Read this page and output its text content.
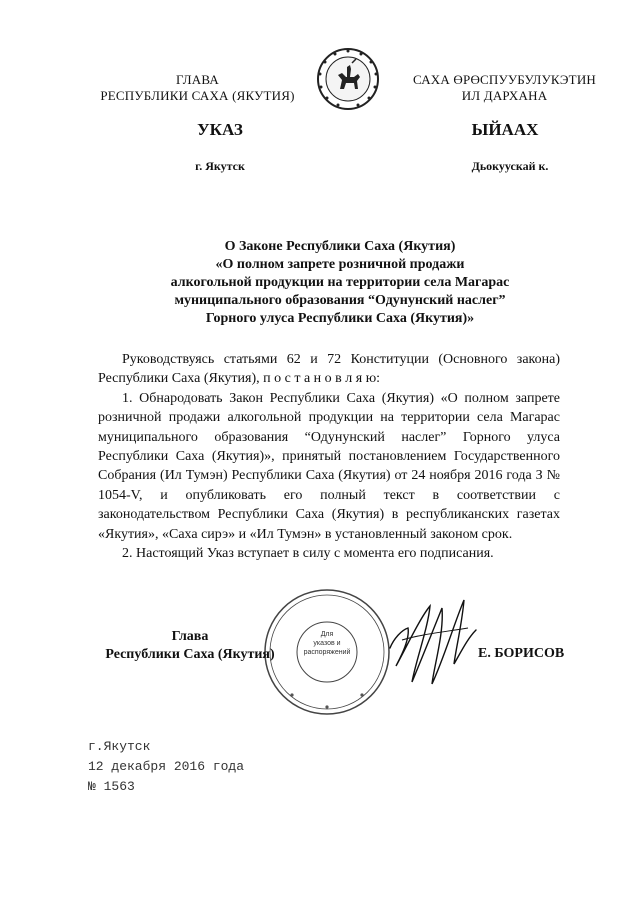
ГЛАВА
РЕСПУБЛИКИ САХА (ЯКУТИЯ)
САХА ӨРӨСПУУБУЛУКЭТИН
ИЛ ДАРХАНА
УКАЗ	ЫЙААХ
г. Якутск	Дьокуускай к.
О Законе Республики Саха (Якутия)
«О полном запрете розничной продажи
алкогольной продукции на территории села Магарас
муниципального образования “Одунунский наслег”
Горного улуса Республики Саха (Якутия)»

Руководствуясь статьями 62 и 72 Конституции (Основного закона) Республики Саха (Якутия), п о с т а н о в л я ю:

1. Обнародовать Закон Республики Саха (Якутия) «О полном запрете розничной продажи алкогольной продукции на территории села Магарас муниципального образования “Одунунский наслег” Горного улуса Республики Саха (Якутия)», принятый постановлением Государственного Собрания (Ил Тумэн) Республики Саха (Якутия) от 24 ноября 2016 года З № 1054-V, и опубликовать его полный текст в соответствии с законодательством Республики Саха (Якутия) в республиканских газетах «Якутия», «Саха сирэ» и «Ил Тумэн» в установленный законом срок.

2. Настоящий Указ вступает в силу с момента его подписания.

Для
указов и
распоряжений
Глава
Республики Саха (Якутия)	Е. БОРИСОВ
г.Якутск
12 декабря 2016 года
№ 1563
